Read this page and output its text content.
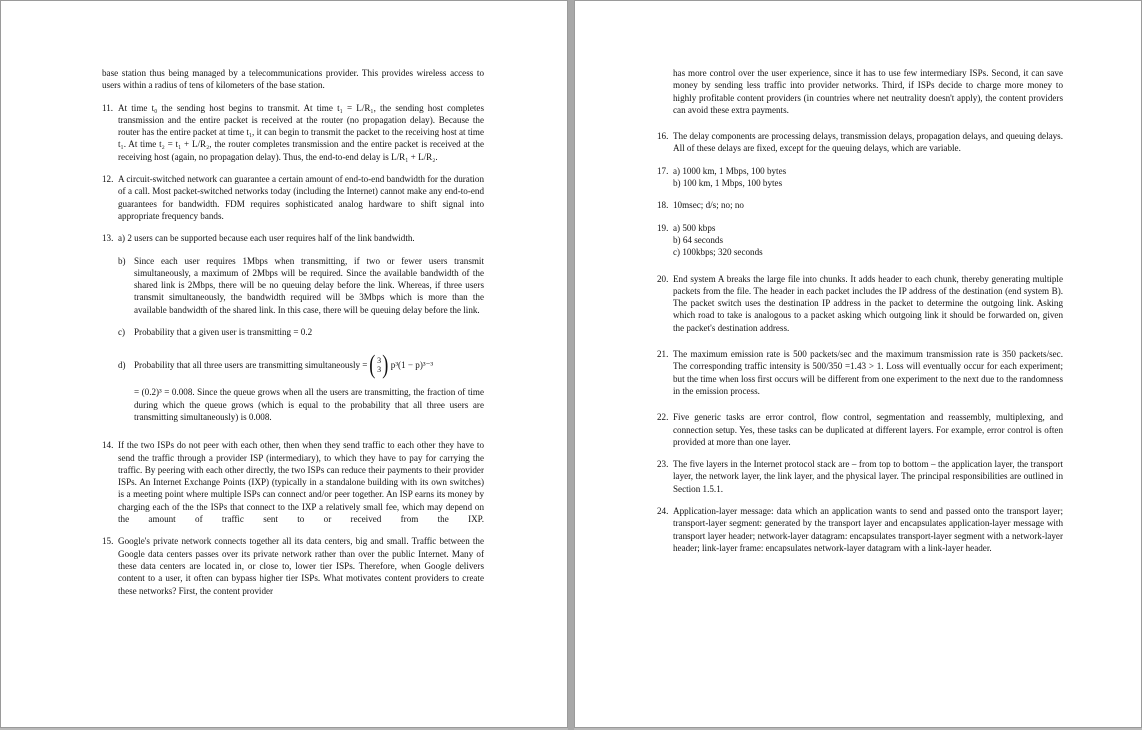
base station thus being managed by a telecommunications provider. This provides wireless access to users within a radius of tens of kilometers of the base station.

11. At time t₀ the sending host begins to transmit. At time t₁ = L/R₁, the sending host completes transmission and the entire packet is received at the router (no propagation delay). Because the router has the entire packet at time t₁, it can begin to transmit the packet to the receiving host at time t₁. At time t₂ = t₁ + L/R₂, the router completes transmission and the entire packet is received at the receiving host (again, no propagation delay). Thus, the end-to-end delay is L/R₁ + L/R₂.

12. A circuit-switched network can guarantee a certain amount of end-to-end bandwidth for the duration of a call. Most packet-switched networks today (including the Internet) cannot make any end-to-end guarantees for bandwidth. FDM requires sophisticated analog hardware to shift signal into appropriate frequency bands.

13. a) 2 users can be supported because each user requires half of the link bandwidth.

b) Since each user requires 1Mbps when transmitting, if two or fewer users transmit simultaneously, a maximum of 2Mbps will be required. Since the available bandwidth of the shared link is 2Mbps, there will be no queuing delay before the link. Whereas, if three users transmit simultaneously, the bandwidth required will be 3Mbps which is more than the available bandwidth of the shared link. In this case, there will be queuing delay before the link.

c) Probability that a given user is transmitting = 0.2

d) Probability that all three users are transmitting simultaneously = ( 3
3 ) p³(1 − p)³⁻³

= (0.2)³ = 0.008. Since the queue grows when all the users are transmitting, the fraction of time during which the queue grows (which is equal to the probability that all three users are transmitting simultaneously) is 0.008.

14. If the two ISPs do not peer with each other, then when they send traffic to each other they have to send the traffic through a provider ISP (intermediary), to which they have to pay for carrying the traffic. By peering with each other directly, the two ISPs can reduce their payments to their provider ISPs. An Internet Exchange Points (IXP) (typically in a standalone building with its own switches) is a meeting point where multiple ISPs can connect and/or peer together. An ISP earns its money by charging each of the the ISPs that connect to the IXP a relatively small fee, which may depend on the amount of traffic sent to or received from the IXP.

15. Google's private network connects together all its data centers, big and small. Traffic between the Google data centers passes over its private network rather than over the public Internet. Many of these data centers are located in, or close to, lower tier ISPs. Therefore, when Google delivers content to a user, it often can bypass higher tier ISPs. What motivates content providers to create these networks? First, the content provider

has more control over the user experience, since it has to use few intermediary ISPs. Second, it can save money by sending less traffic into provider networks. Third, if ISPs decide to charge more money to highly profitable content providers (in countries where net neutrality doesn't apply), the content providers can avoid these extra payments.

16. The delay components are processing delays, transmission delays, propagation delays, and queuing delays. All of these delays are fixed, except for the queuing delays, which are variable.

17. a) 1000 km, 1 Mbps, 100 bytes

b) 100 km, 1 Mbps, 100 bytes

18. 10msec; d/s; no; no

19. a) 500 kbps

b) 64 seconds

c) 100kbps; 320 seconds

20. End system A breaks the large file into chunks. It adds header to each chunk, thereby generating multiple packets from the file. The header in each packet includes the IP address of the destination (end system B). The packet switch uses the destination IP address in the packet to determine the outgoing link. Asking which road to take is analogous to a packet asking which outgoing link it should be forwarded on, given the packet's destination address.

21. The maximum emission rate is 500 packets/sec and the maximum transmission rate is 350 packets/sec. The corresponding traffic intensity is 500/350 =1.43 > 1. Loss will eventually occur for each experiment; but the time when loss first occurs will be different from one experiment to the next due to the randomness in the emission process.

22. Five generic tasks are error control, flow control, segmentation and reassembly, multiplexing, and connection setup. Yes, these tasks can be duplicated at different layers. For example, error control is often provided at more than one layer.

23. The five layers in the Internet protocol stack are – from top to bottom – the application layer, the transport layer, the network layer, the link layer, and the physical layer. The principal responsibilities are outlined in Section 1.5.1.

24. Application-layer message: data which an application wants to send and passed onto the transport layer; transport-layer segment: generated by the transport layer and encapsulates application-layer message with transport layer header; network-layer datagram: encapsulates transport-layer segment with a network-layer header; link-layer frame: encapsulates network-layer datagram with a link-layer header.
